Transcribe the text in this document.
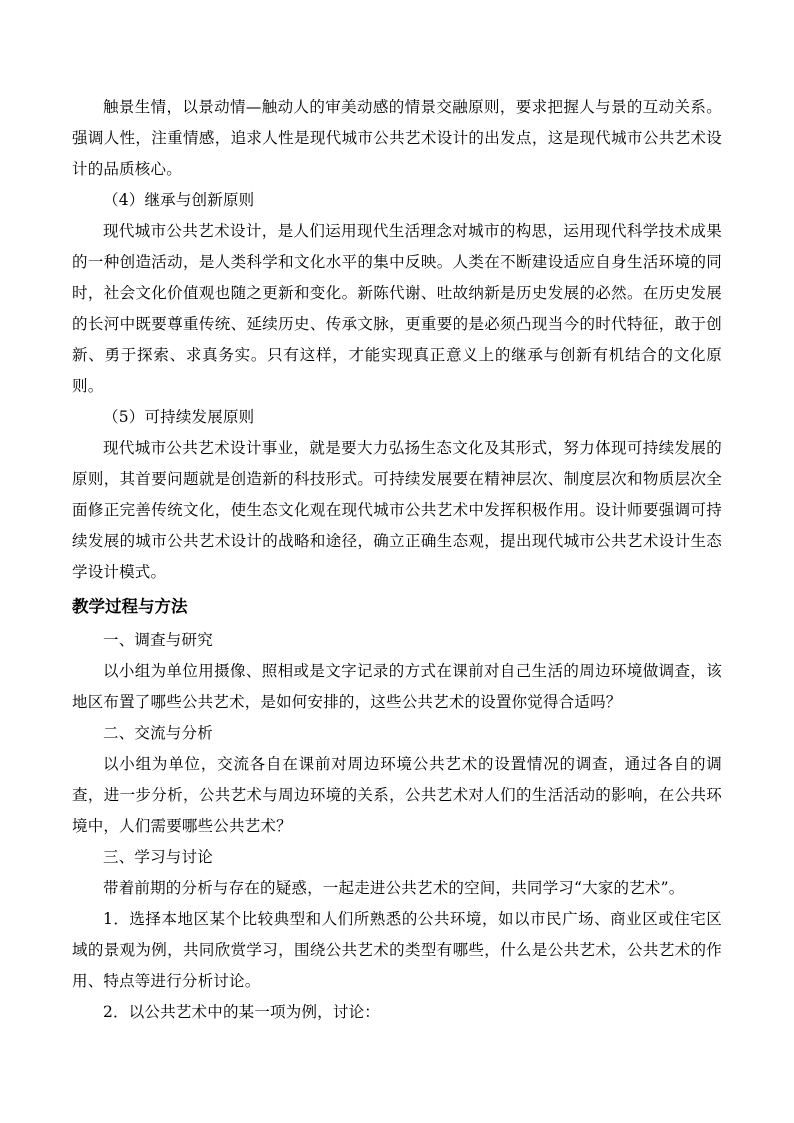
触景生情，以景动情—触动人的审美动感的情景交融原则，要求把握人与景的互动关系。强调人性，注重情感，追求人性是现代城市公共艺术设计的出发点，这是现代城市公共艺术设计的品质核心。

（4）继承与创新原则

现代城市公共艺术设计，是人们运用现代生活理念对城市的构思，运用现代科学技术成果的一种创造活动，是人类科学和文化水平的集中反映。人类在不断建设适应自身生活环境的同时，社会文化价值观也随之更新和变化。新陈代谢、吐故纳新是历史发展的必然。在历史发展的长河中既要尊重传统、延续历史、传承文脉，更重要的是必须凸现当今的时代特征，敢于创新、勇于探索、求真务实。只有这样，才能实现真正意义上的继承与创新有机结合的文化原则。

（5）可持续发展原则

现代城市公共艺术设计事业，就是要大力弘扬生态文化及其形式，努力体现可持续发展的原则，其首要问题就是创造新的科技形式。可持续发展要在精神层次、制度层次和物质层次全面修正完善传统文化，使生态文化观在现代城市公共艺术中发挥积极作用。设计师要强调可持续发展的城市公共艺术设计的战略和途径，确立正确生态观，提出现代城市公共艺术设计生态学设计模式。

教学过程与方法

一、调查与研究

以小组为单位用摄像、照相或是文字记录的方式在课前对自己生活的周边环境做调查，该地区布置了哪些公共艺术，是如何安排的，这些公共艺术的设置你觉得合适吗？

二、交流与分析

以小组为单位，交流各自在课前对周边环境公共艺术的设置情况的调查，通过各自的调查，进一步分析，公共艺术与周边环境的关系，公共艺术对人们的生活活动的影响，在公共环境中，人们需要哪些公共艺术？

三、学习与讨论

带着前期的分析与存在的疑惑，一起走进公共艺术的空间，共同学习“大家的艺术”。

1．选择本地区某个比较典型和人们所熟悉的公共环境，如以市民广场、商业区或住宅区域的景观为例，共同欣赏学习，围绕公共艺术的类型有哪些，什么是公共艺术，公共艺术的作用、特点等进行分析讨论。

2．以公共艺术中的某一项为例，讨论：
